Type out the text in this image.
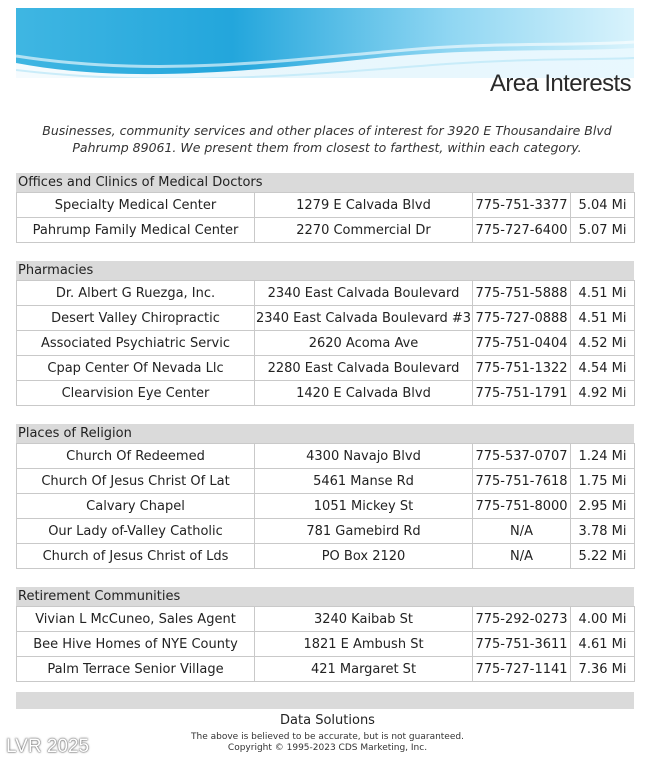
Area Interests
Businesses, community services and other places of interest for 3920 E Thousandaire Blvd Pahrump 89061. We present them from closest to farthest, within each category.
Offices and Clinics of Medical Doctors
Specialty Medical Center	1279 E Calvada Blvd	775-751-3377	5.04 Mi
Pahrump Family Medical Center	2270 Commercial Dr	775-727-6400	5.07 Mi
Pharmacies
Dr. Albert G Ruezga, Inc.	2340 East Calvada Boulevard	775-751-5888	4.51 Mi
Desert Valley Chiropractic	2340 East Calvada Boulevard #3	775-727-0888	4.51 Mi
Associated Psychiatric Servic	2620 Acoma Ave	775-751-0404	4.52 Mi
Cpap Center Of Nevada Llc	2280 East Calvada Boulevard	775-751-1322	4.54 Mi
Clearvision Eye Center	1420 E Calvada Blvd	775-751-1791	4.92 Mi
Places of Religion
Church Of Redeemed	4300 Navajo Blvd	775-537-0707	1.24 Mi
Church Of Jesus Christ Of Lat	5461 Manse Rd	775-751-7618	1.75 Mi
Calvary Chapel	1051 Mickey St	775-751-8000	2.95 Mi
Our Lady of-Valley Catholic	781 Gamebird Rd	N/A	3.78 Mi
Church of Jesus Christ of Lds	PO Box 2120	N/A	5.22 Mi
Retirement Communities
Vivian L McCuneo, Sales Agent	3240 Kaibab St	775-292-0273	4.00 Mi
Bee Hive Homes of NYE County	1821 E Ambush St	775-751-3611	4.61 Mi
Palm Terrace Senior Village	421 Margaret St	775-727-1141	7.36 Mi
Data Solutions
The above is believed to be accurate, but is not guaranteed.
Copyright © 1995-2023 CDS Marketing, Inc.
LVR 2025
